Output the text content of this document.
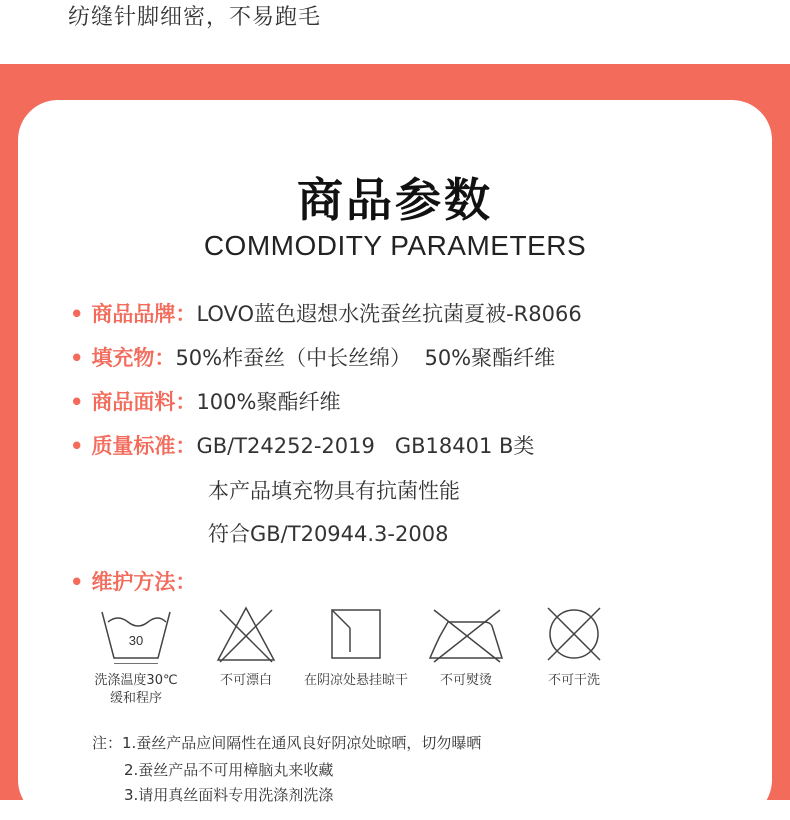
纺缝针脚细密，不易跑毛
商品参数
COMMODITY PARAMETERS
• 商品品牌：LOVO蓝色遐想水洗蚕丝抗菌夏被-R8066
• 填充物：50%柞蚕丝（中长丝绵）  50%聚酯纤维
• 商品面料：100%聚酯纤维
• 质量标准：GB/T24252-2019   GB18401 B类
本产品填充物具有抗菌性能
符合GB/T20944.3-2008
• 维护方法：
30
洗涤温度30℃
缓和程序
不可漂白	在阴凉处悬挂晾干	不可熨烫	不可干洗
注：1.蚕丝产品应间隔性在通风良好阴凉处晾晒，切勿曝晒
2.蚕丝产品不可用樟脑丸来收藏
3.请用真丝面料专用洗涤剂洗涤
